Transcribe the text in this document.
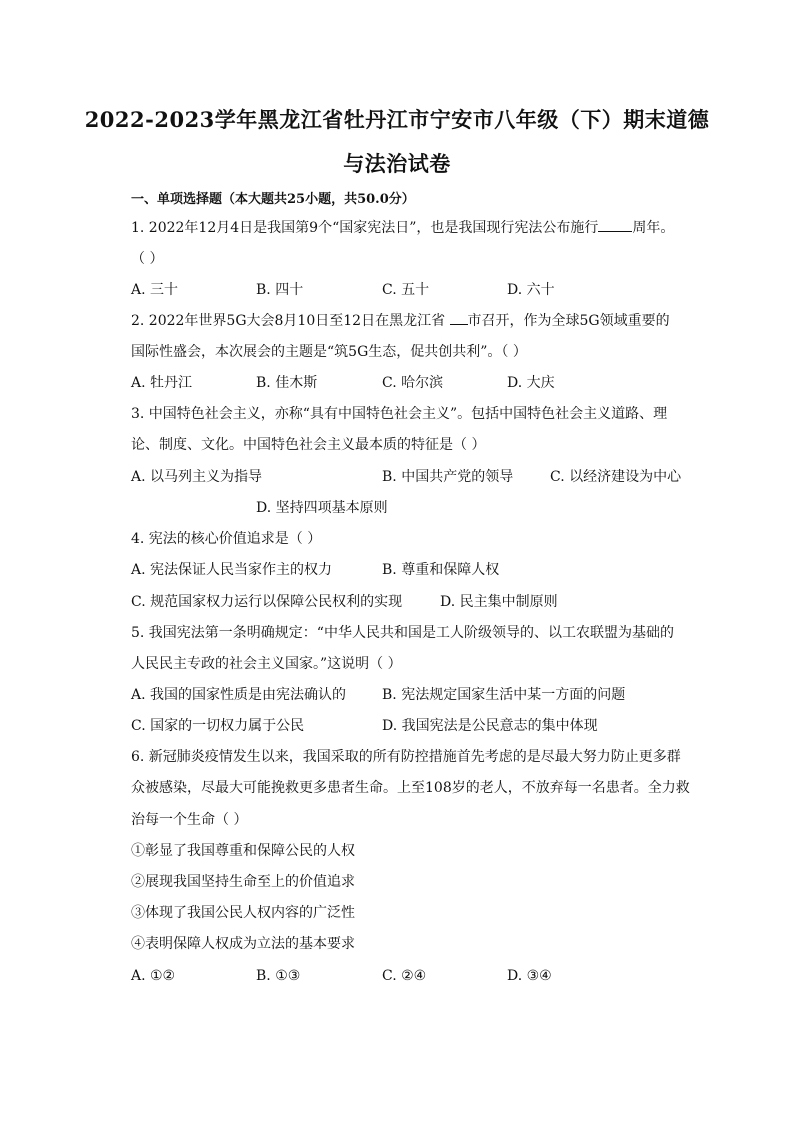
2022-2023学年黑龙江省牡丹江市宁安市八年级（下）期末道德
与法治试卷
一、单项选择题（本大题共25小题，共50.0分）
1. 2022年12月4日是我国第9个“国家宪法日”，也是我国现行宪法公布施行 周年。
（ ）
A. 三十	B. 四十	C. 五十	D. 六十
2. 2022年世界5G大会8月10日至12日在黑龙江省 市召开，作为全球5G领域重要的
国际性盛会，本次展会的主题是“筑5G生态，促共创共利”。（ ）
A. 牡丹江	B. 佳木斯	C. 哈尔滨	D. 大庆
3. 中国特色社会主义，亦称“具有中国特色社会主义”。包括中国特色社会主义道路、理
论、制度、文化。中国特色社会主义最本质的特征是（ ）
A. 以马列主义为指导	B. 中国共产党的领导	C. 以经济建设为中心
D. 坚持四项基本原则
4. 宪法的核心价值追求是（ ）
A. 宪法保证人民当家作主的权力	B. 尊重和保障人权
C. 规范国家权力运行以保障公民权利的实现	D. 民主集中制原则
5. 我国宪法第一条明确规定：“中华人民共和国是工人阶级领导的、以工农联盟为基础的
人民民主专政的社会主义国家。”这说明（ ）
A. 我国的国家性质是由宪法确认的	B. 宪法规定国家生活中某一方面的问题
C. 国家的一切权力属于公民	D. 我国宪法是公民意志的集中体现
6. 新冠肺炎疫情发生以来，我国采取的所有防控措施首先考虑的是尽最大努力防止更多群
众被感染，尽最大可能挽救更多患者生命。上至108岁的老人，不放弃每一名患者。全力救
治每一个生命（ ）
①彰显了我国尊重和保障公民的人权
②展现我国坚持生命至上的价值追求
③体现了我国公民人权内容的广泛性
④表明保障人权成为立法的基本要求
A. ①②	B. ①③	C. ②④	D. ③④
